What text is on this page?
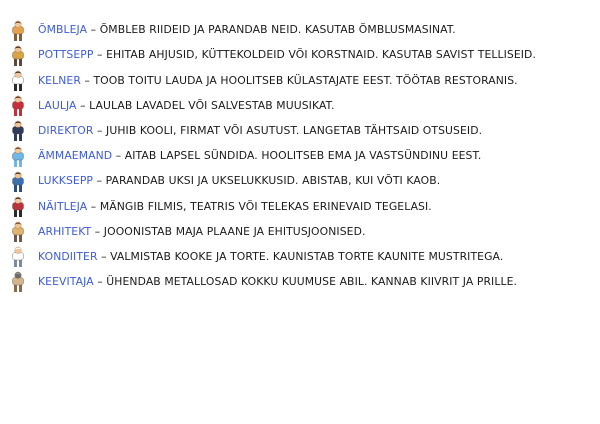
ÕMBLEJA – ÕMBLEB RIIDEID JA PARANDAB NEID. KASUTAB ÕMBLUSMASINAT.
POTTSEPP – EHITAB AHJUSID, KÜTTEKOLDEID VÕI KORSTNAID. KASUTAB SAVIST TELLISEID.
KELNER – TOOB TOITU LAUDA JA HOOLITSEB KÜLASTAJATE EEST. TÖÖTAB RESTORANIS.
LAULJA – LAULAB LAVADEL VÕI SALVESTAB MUUSIKAT.
DIREKTOR – JUHIB KOOLI, FIRMAT VÕI ASUTUST. LANGETAB TÄHTSAID OTSUSEID.
ÄMMAEMAND – AITAB LAPSEL SÜNDIDA. HOOLITSEB EMA JA VASTSÜNDINU EEST.
LUKKSEPP – PARANDAB UKSI JA UKSELUKKUSID. ABISTAB, KUI VÕTI KAOB.
NÄITLEJA – MÄNGIB FILMIS, TEATRIS VÕI TELEKAS ERINEVAID TEGELASI.
ARHITEKT – JOOONISTAB MAJA PLAANE JA EHITUSJOONISED.
KONDIITER – VALMISTAB KOOKE JA TORTE. KAUNISTAB TORTE KAUNITE MUSTRITEGA.
KEEVITAJA – ÜHENDAB METALLOSAD KOKKU KUUMUSE ABIL. KANNAB KIIVRIT JA PRILLE.
